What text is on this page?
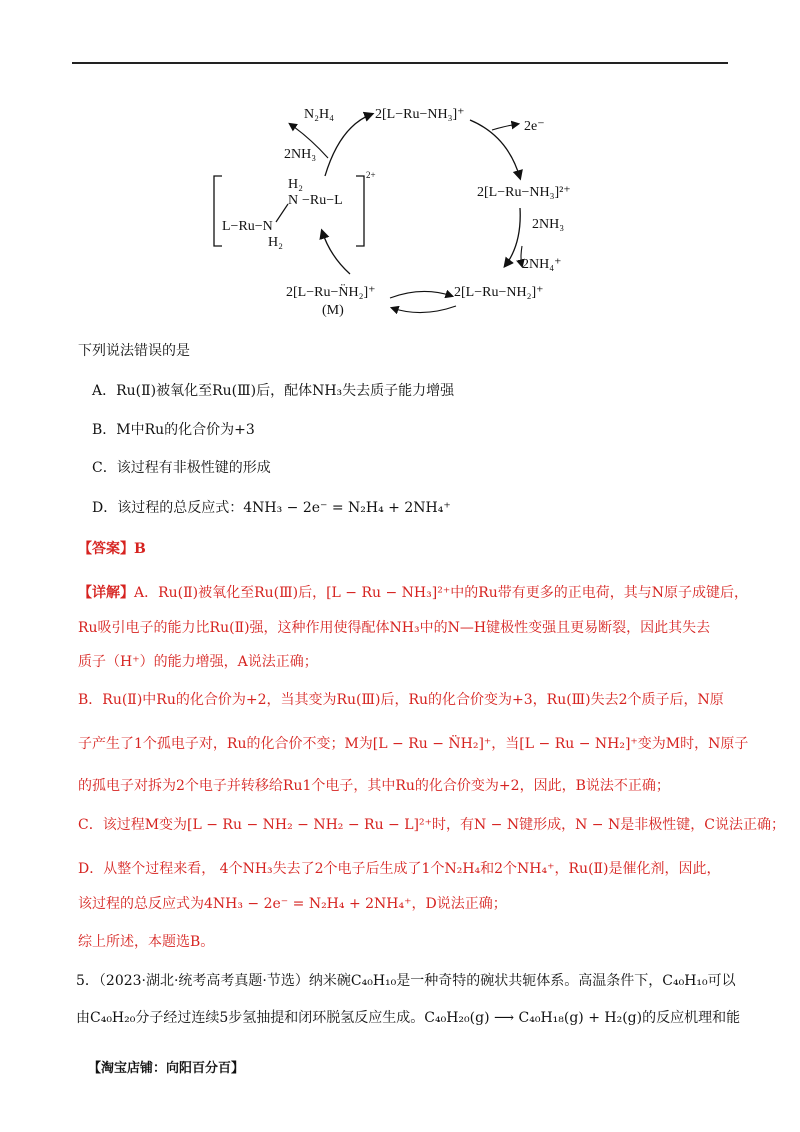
N₂H₄	2[L−Ru−NH₃]⁺
2e⁻
2NH₃
2[L−Ru−NH₃]²⁺
2NH₃
2NH₄⁺
2[L−Ru−N̈H₂]⁺
(M)
2[L−Ru−NH₂]⁺
H₂
N −Ru−L
L−Ru−N
H₂
2+
下列说法错误的是
A．Ru(Ⅱ)被氧化至Ru(Ⅲ)后，配体NH₃失去质子能力增强
B．M中Ru的化合价为+3
C．该过程有非极性键的形成
D．该过程的总反应式：4NH₃ − 2e⁻ = N₂H₄ + 2NH₄⁺
【答案】B
【详解】A．Ru(Ⅱ)被氧化至Ru(Ⅲ)后，[L − Ru − NH₃]²⁺中的Ru带有更多的正电荷，其与N原子成键后，
Ru吸引电子的能力比Ru(Ⅱ)强，这种作用使得配体NH₃中的N—H键极性变强且更易断裂，因此其失去
质子（H⁺）的能力增强，A说法正确；
B．Ru(Ⅱ)中Ru的化合价为+2，当其变为Ru(Ⅲ)后，Ru的化合价变为+3，Ru(Ⅲ)失去2个质子后，N原
子产生了1个孤电子对，Ru的化合价不变；M为[L − Ru − N̈H₂]⁺，当[L − Ru − NH₂]⁺变为M时，N原子
的孤电子对拆为2个电子并转移给Ru1个电子，其中Ru的化合价变为+2，因此，B说法不正确；
C．该过程M变为[L − Ru − NH₂ − NH₂ − Ru − L]²⁺时，有N − N键形成，N − N是非极性键，C说法正确；
D．从整个过程来看， 4个NH₃失去了2个电子后生成了1个N₂H₄和2个NH₄⁺，Ru(Ⅱ)是催化剂，因此，
该过程的总反应式为4NH₃ − 2e⁻ = N₂H₄ + 2NH₄⁺，D说法正确；
综上所述，本题选B。
5．（2023·湖北·统考高考真题·节选）纳米碗C₄₀H₁₀是一种奇特的碗状共轭体系。高温条件下，C₄₀H₁₀可以
由C₄₀H₂₀分子经过连续5步氢抽提和闭环脱氢反应生成。C₄₀H₂₀(g) ⟶ C₄₀H₁₈(g) + H₂(g)的反应机理和能
【淘宝店铺：向阳百分百】
